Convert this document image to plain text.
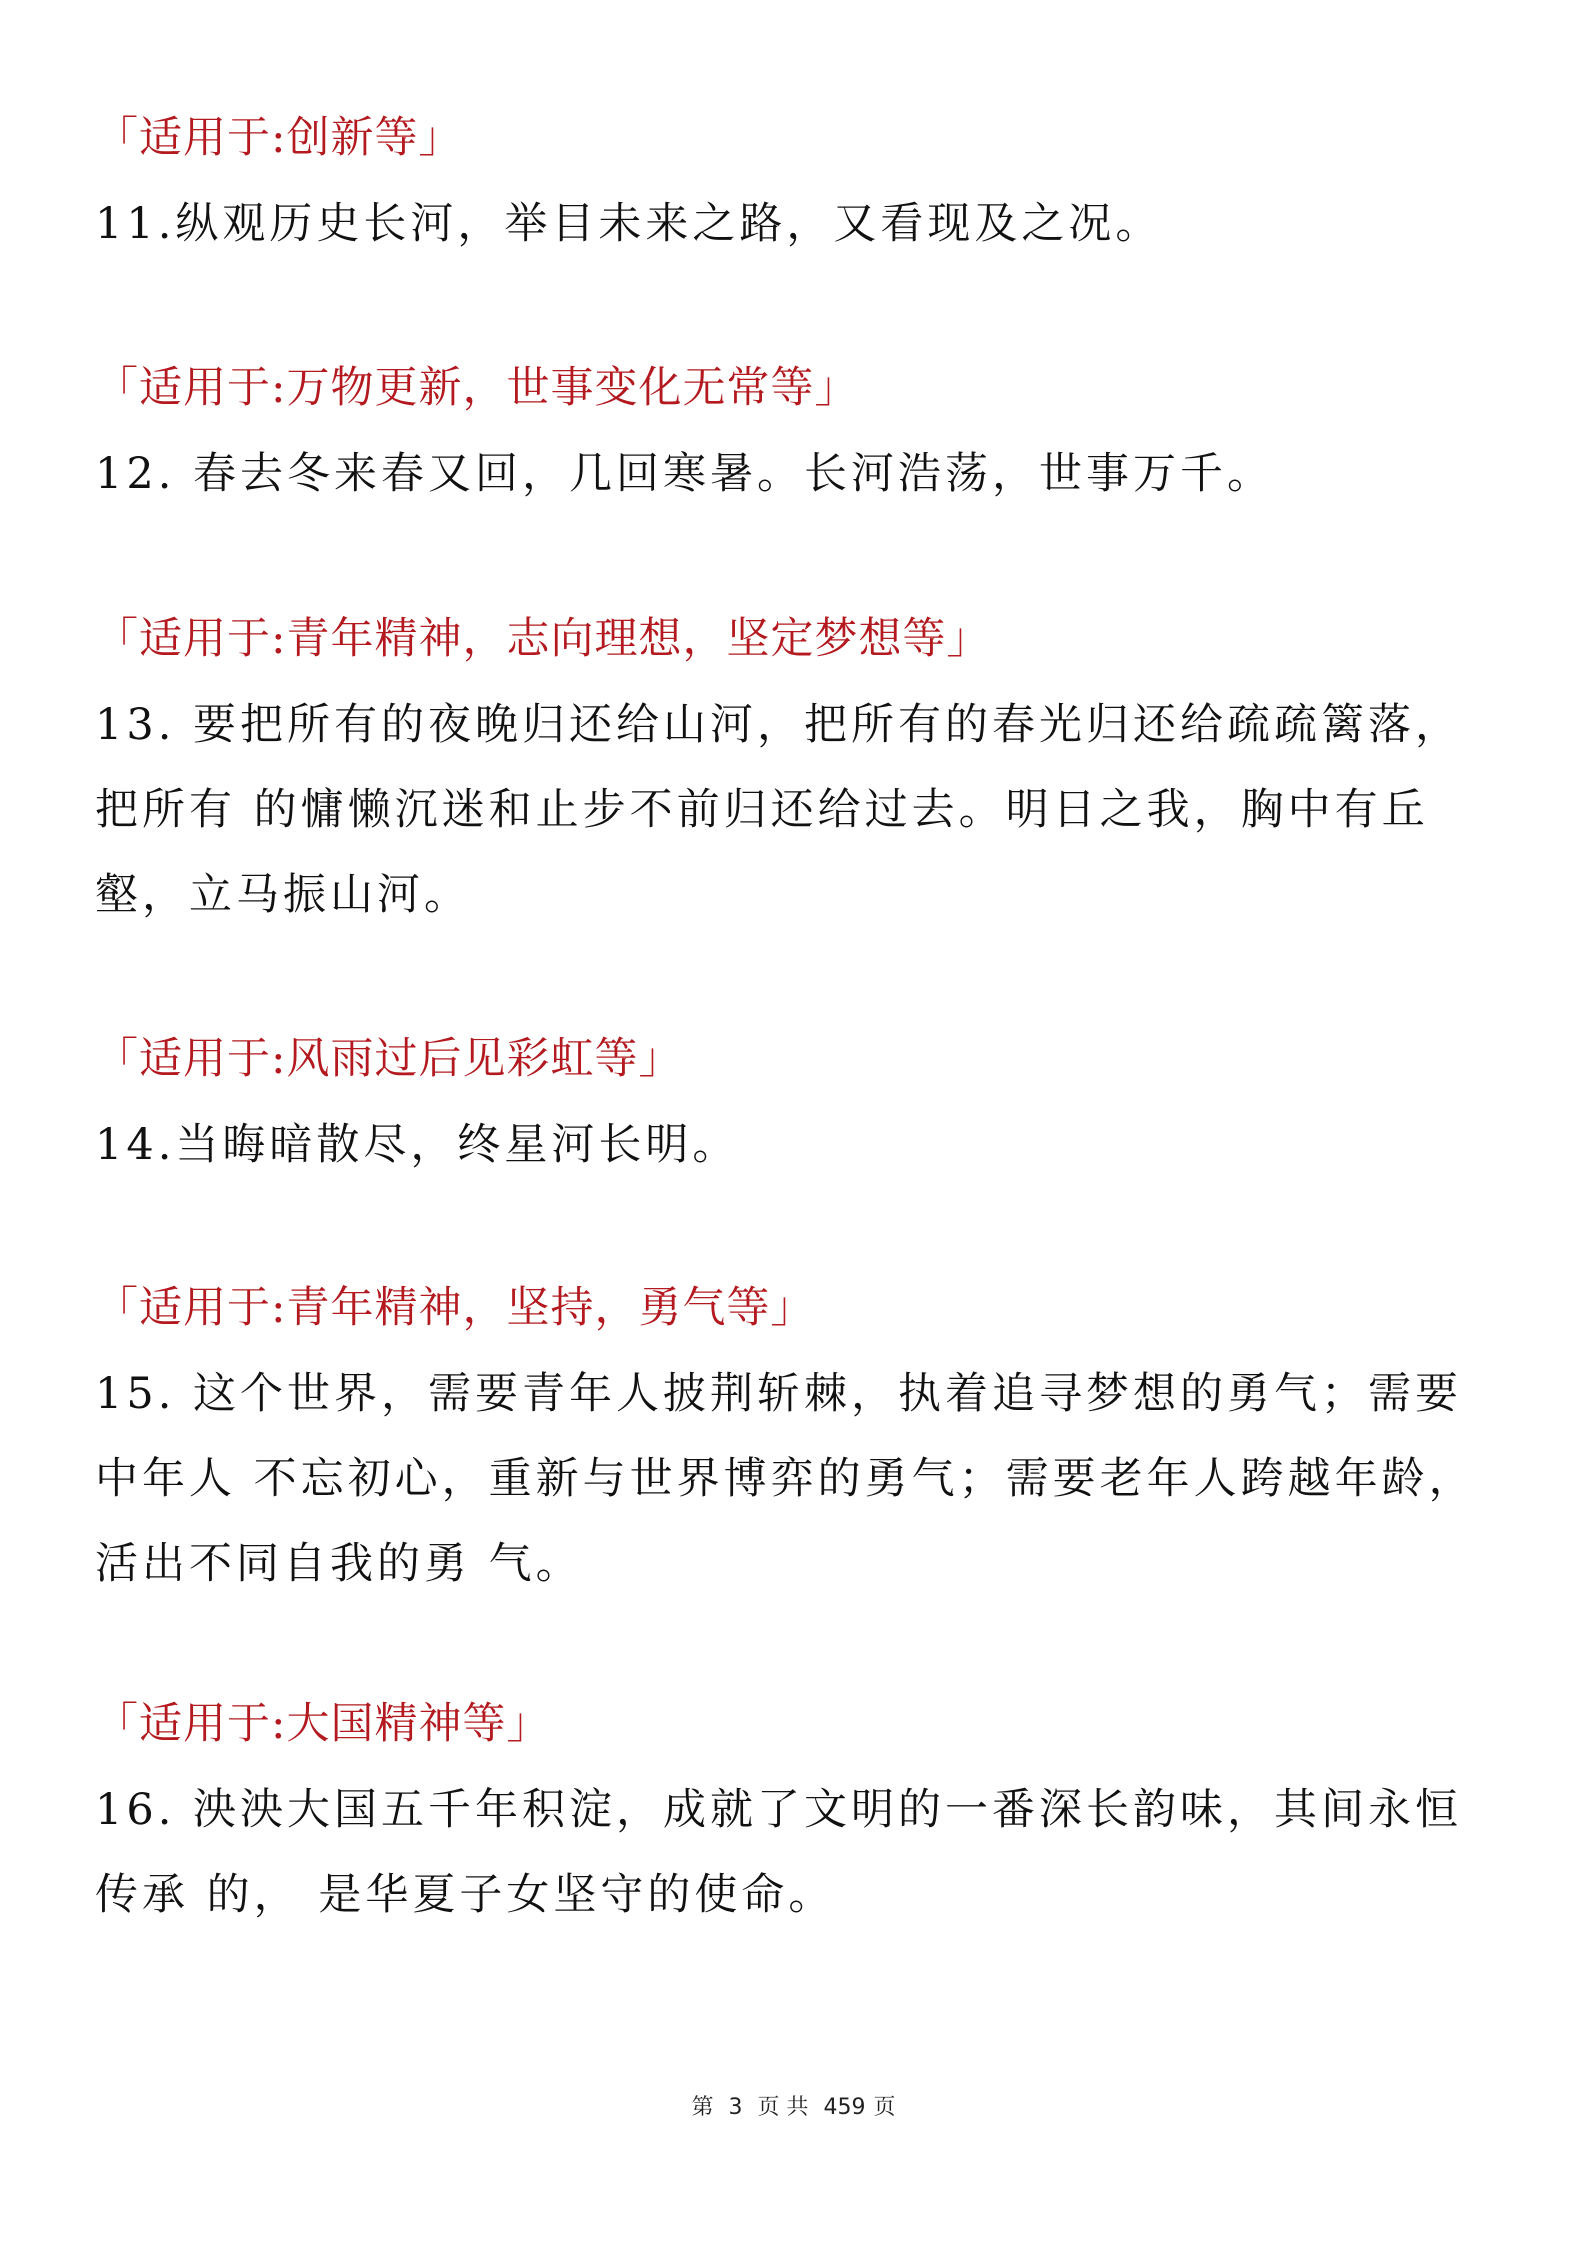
「适用于:创新等」
11.纵观历史长河，举目未来之路，又看现及之况。
「适用于:万物更新，世事变化无常等」
12. 春去冬来春又回，几回寒暑。长河浩荡，世事万千。
「适用于:青年精神，志向理想，坚定梦想等」
13. 要把所有的夜晚归还给山河，把所有的春光归还给疏疏篱落，把所有 的慵懒沉迷和止步不前归还给过去。明日之我，胸中有丘壑，立马振山河。
「适用于:风雨过后见彩虹等」
14.当晦暗散尽，终星河长明。
「适用于:青年精神，坚持，勇气等」
15. 这个世界，需要青年人披荆斩棘，执着追寻梦想的勇气；需要中年人 不忘初心，重新与世界博弈的勇气；需要老年人跨越年龄，活出不同自我的勇 气。
「适用于:大国精神等」
16. 泱泱大国五千年积淀，成就了文明的一番深长韵味，其间永恒传承 的， 是华夏子女坚守的使命。
第 3 页 共 459 页
